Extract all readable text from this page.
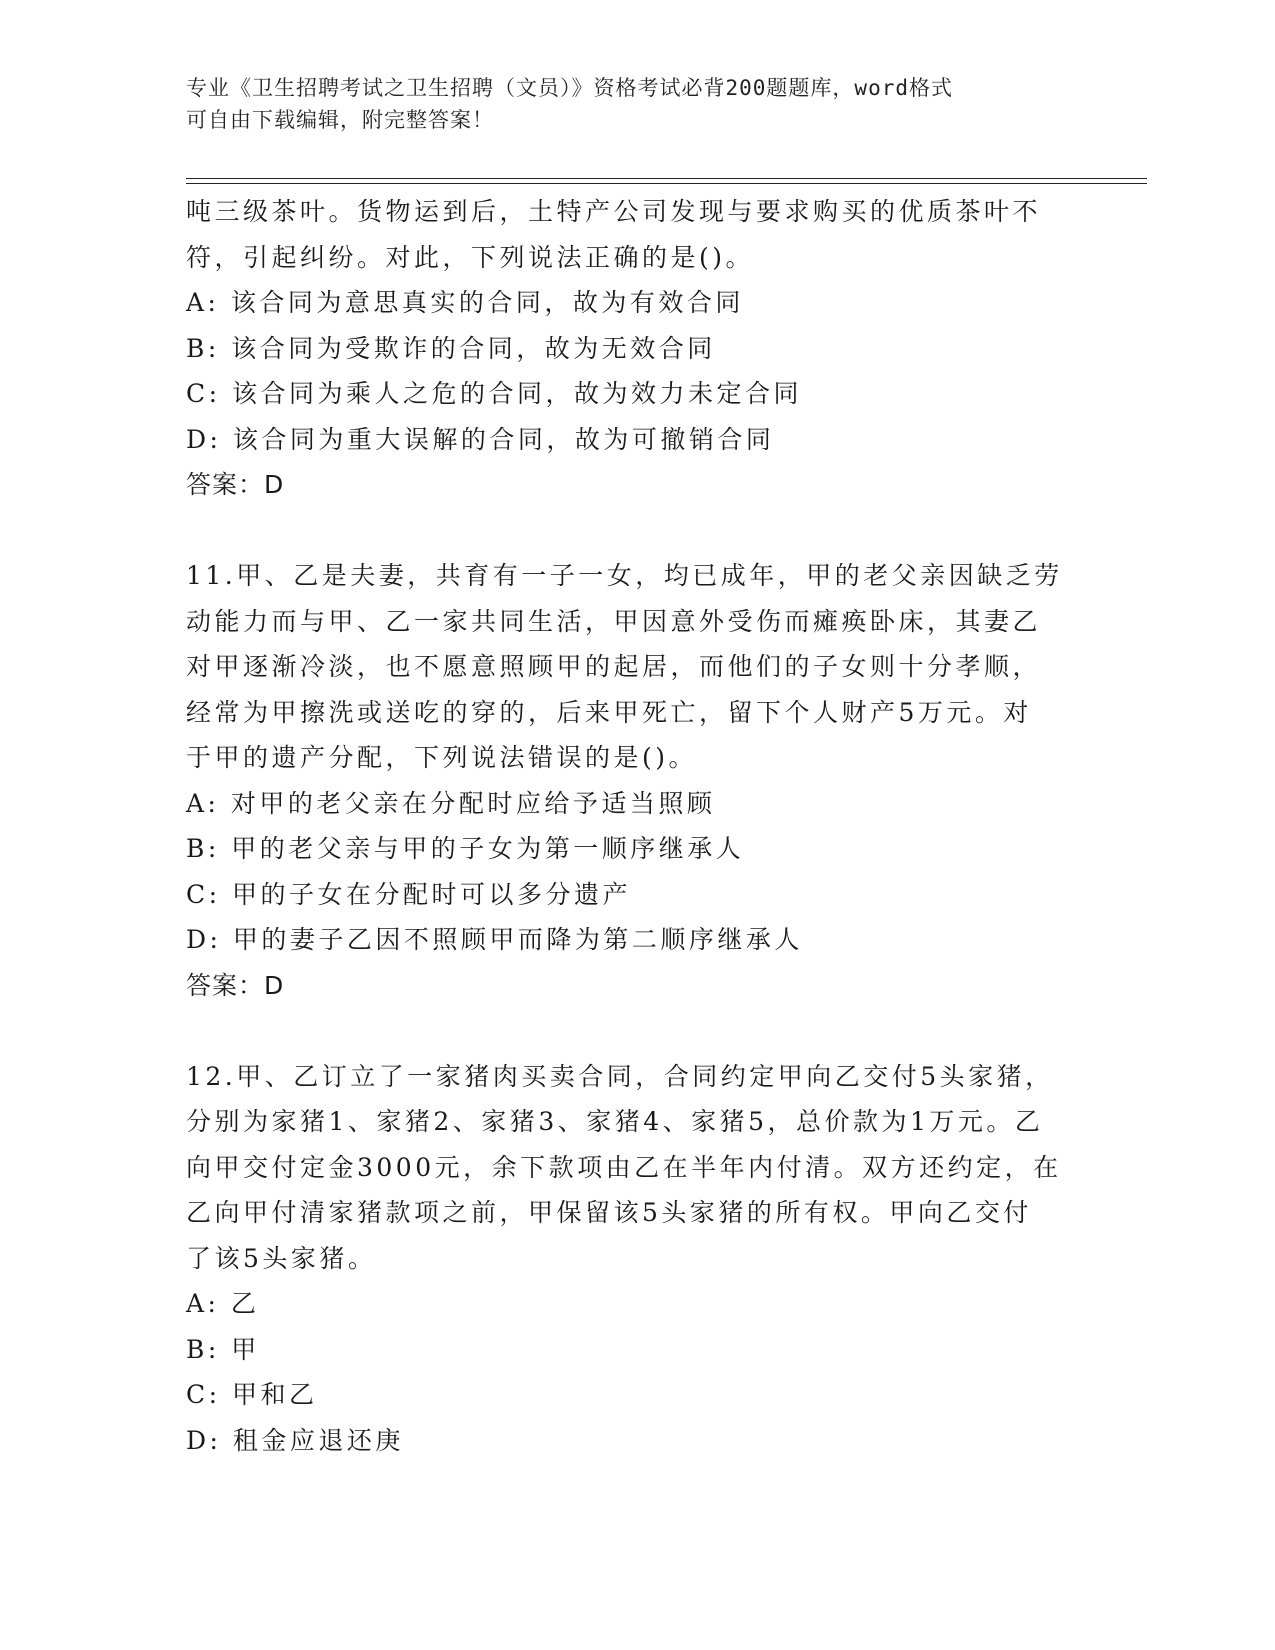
专业《卫生招聘考试之卫生招聘（文员）》资格考试必背200题题库，word格式
可自由下载编辑，附完整答案！
吨三级茶叶。货物运到后，土特产公司发现与要求购买的优质茶叶不
符，引起纠纷。对此，下列说法正确的是()。
A: 该合同为意思真实的合同，故为有效合同
B: 该合同为受欺诈的合同，故为无效合同
C: 该合同为乘人之危的合同，故为效力未定合同
D: 该合同为重大误解的合同，故为可撤销合同
答案：D
11.甲、乙是夫妻，共育有一子一女，均已成年，甲的老父亲因缺乏劳
动能力而与甲、乙一家共同生活，甲因意外受伤而瘫痪卧床，其妻乙
对甲逐渐冷淡，也不愿意照顾甲的起居，而他们的子女则十分孝顺，
经常为甲擦洗或送吃的穿的，后来甲死亡，留下个人财产5万元。对
于甲的遗产分配，下列说法错误的是()。
A: 对甲的老父亲在分配时应给予适当照顾
B: 甲的老父亲与甲的子女为第一顺序继承人
C: 甲的子女在分配时可以多分遗产
D: 甲的妻子乙因不照顾甲而降为第二顺序继承人
答案：D
12.甲、乙订立了一家猪肉买卖合同，合同约定甲向乙交付5头家猪，
分别为家猪1、家猪2、家猪3、家猪4、家猪5，总价款为1万元。乙
向甲交付定金3000元，余下款项由乙在半年内付清。双方还约定，在
乙向甲付清家猪款项之前，甲保留该5头家猪的所有权。甲向乙交付
了该5头家猪。
A: 乙
B: 甲
C: 甲和乙
D: 租金应退还庚
